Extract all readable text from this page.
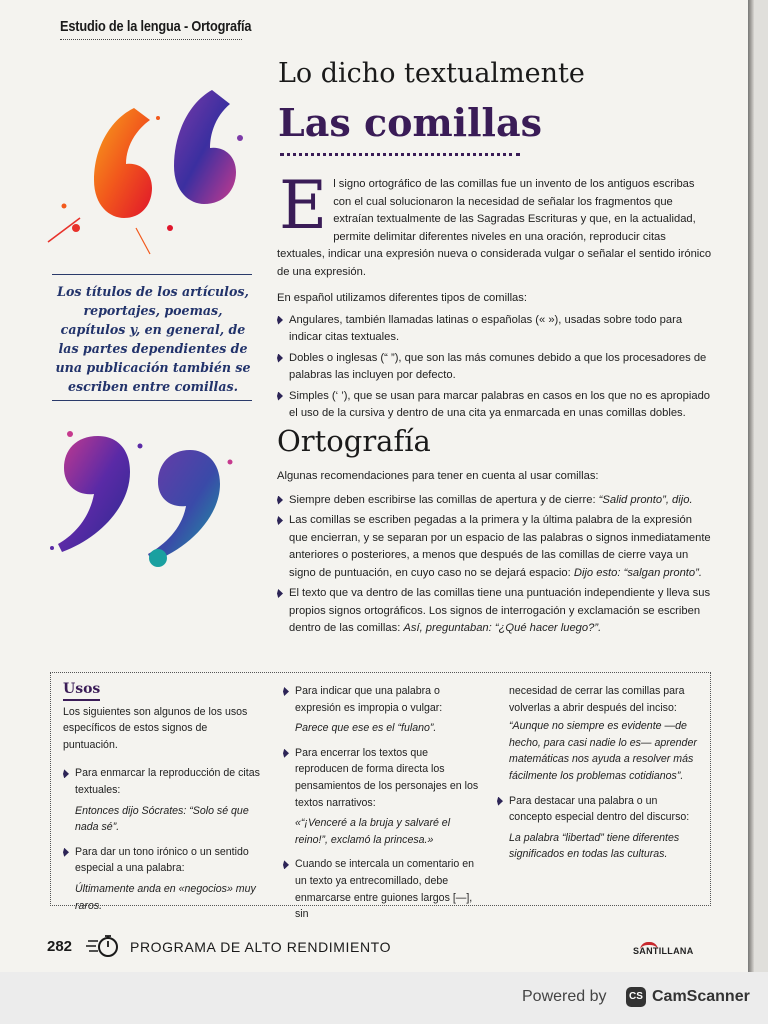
Estudio de la lengua - Ortografía
Lo dicho textualmente
Las comillas
Los títulos de los artículos, reportajes, poemas, capítulos y, en general, de las partes dependientes de una publicación también se escriben entre comillas.
E l signo ortográfico de las comillas fue un invento de los antiguos escribas con el cual solucionaron la necesidad de señalar los fragmentos que extraían textualmente de las Sagradas Escrituras y que, en la actualidad, permite delimitar diferentes niveles en una oración, reproducir citas textuales, indicar una expresión nueva o considerada vulgar o señalar el sentido irónico de una expresión.

En español utilizamos diferentes tipos de comillas:

Angulares, también llamadas latinas o españolas (« »), usadas sobre todo para indicar citas textuales.
Dobles o inglesas (“ ”), que son las más comunes debido a que los procesadores de palabras las incluyen por defecto.
Simples (‘ ’), que se usan para marcar palabras en casos en los que no es apropiado el uso de la cursiva y dentro de una cita ya enmarcada en unas comillas dobles.
Ortografía

Algunas recomendaciones para tener en cuenta al usar comillas:

Siempre deben escribirse las comillas de apertura y de cierre: “Salid pronto”, dijo.
Las comillas se escriben pegadas a la primera y la última palabra de la expresión que encierran, y se separan por un espacio de las palabras o signos inmediatamente anteriores o posteriores, a menos que después de las comillas de cierre vaya un signo de puntuación, en cuyo caso no se dejará espacio: Dijo esto: “salgan pronto”.
El texto que va dentro de las comillas tiene una puntuación independiente y lleva sus propios signos ortográficos. Los signos de interrogación y exclamación se escriben dentro de las comillas: Así, preguntaban: “¿Qué hacer luego?”.
Usos
Los siguientes son algunos de los usos específicos de estos signos de puntuación.
Para enmarcar la reproducción de citas textuales:
Entonces dijo Sócrates: “Solo sé que nada sé”.
Para dar un tono irónico o un sentido especial a una palabra:
Últimamente anda en «negocios» muy raros.
Para indicar que una palabra o expresión es impropia o vulgar:
Parece que ese es el “fulano”.
Para encerrar los textos que reproducen de forma directa los pensamientos de los personajes en los textos narrativos:
«“¡Venceré a la bruja y salvaré el reino!”, exclamó la princesa.»
Cuando se intercala un comentario en un texto ya entrecomillado, debe enmarcarse entre guiones largos [—], sin
necesidad de cerrar las comillas para volverlas a abrir después del inciso:
“Aunque no siempre es evidente —de hecho, para casi nadie lo es— aprender matemáticas nos ayuda a resolver más fácilmente los problemas cotidianos”.
Para destacar una palabra o un concepto especial dentro del discurso:
La palabra “libertad” tiene diferentes significados en todas las culturas.
282	PROGRAMA DE ALTO RENDIMIENTO	SANTILLANA
Powered by	CS CamScanner
